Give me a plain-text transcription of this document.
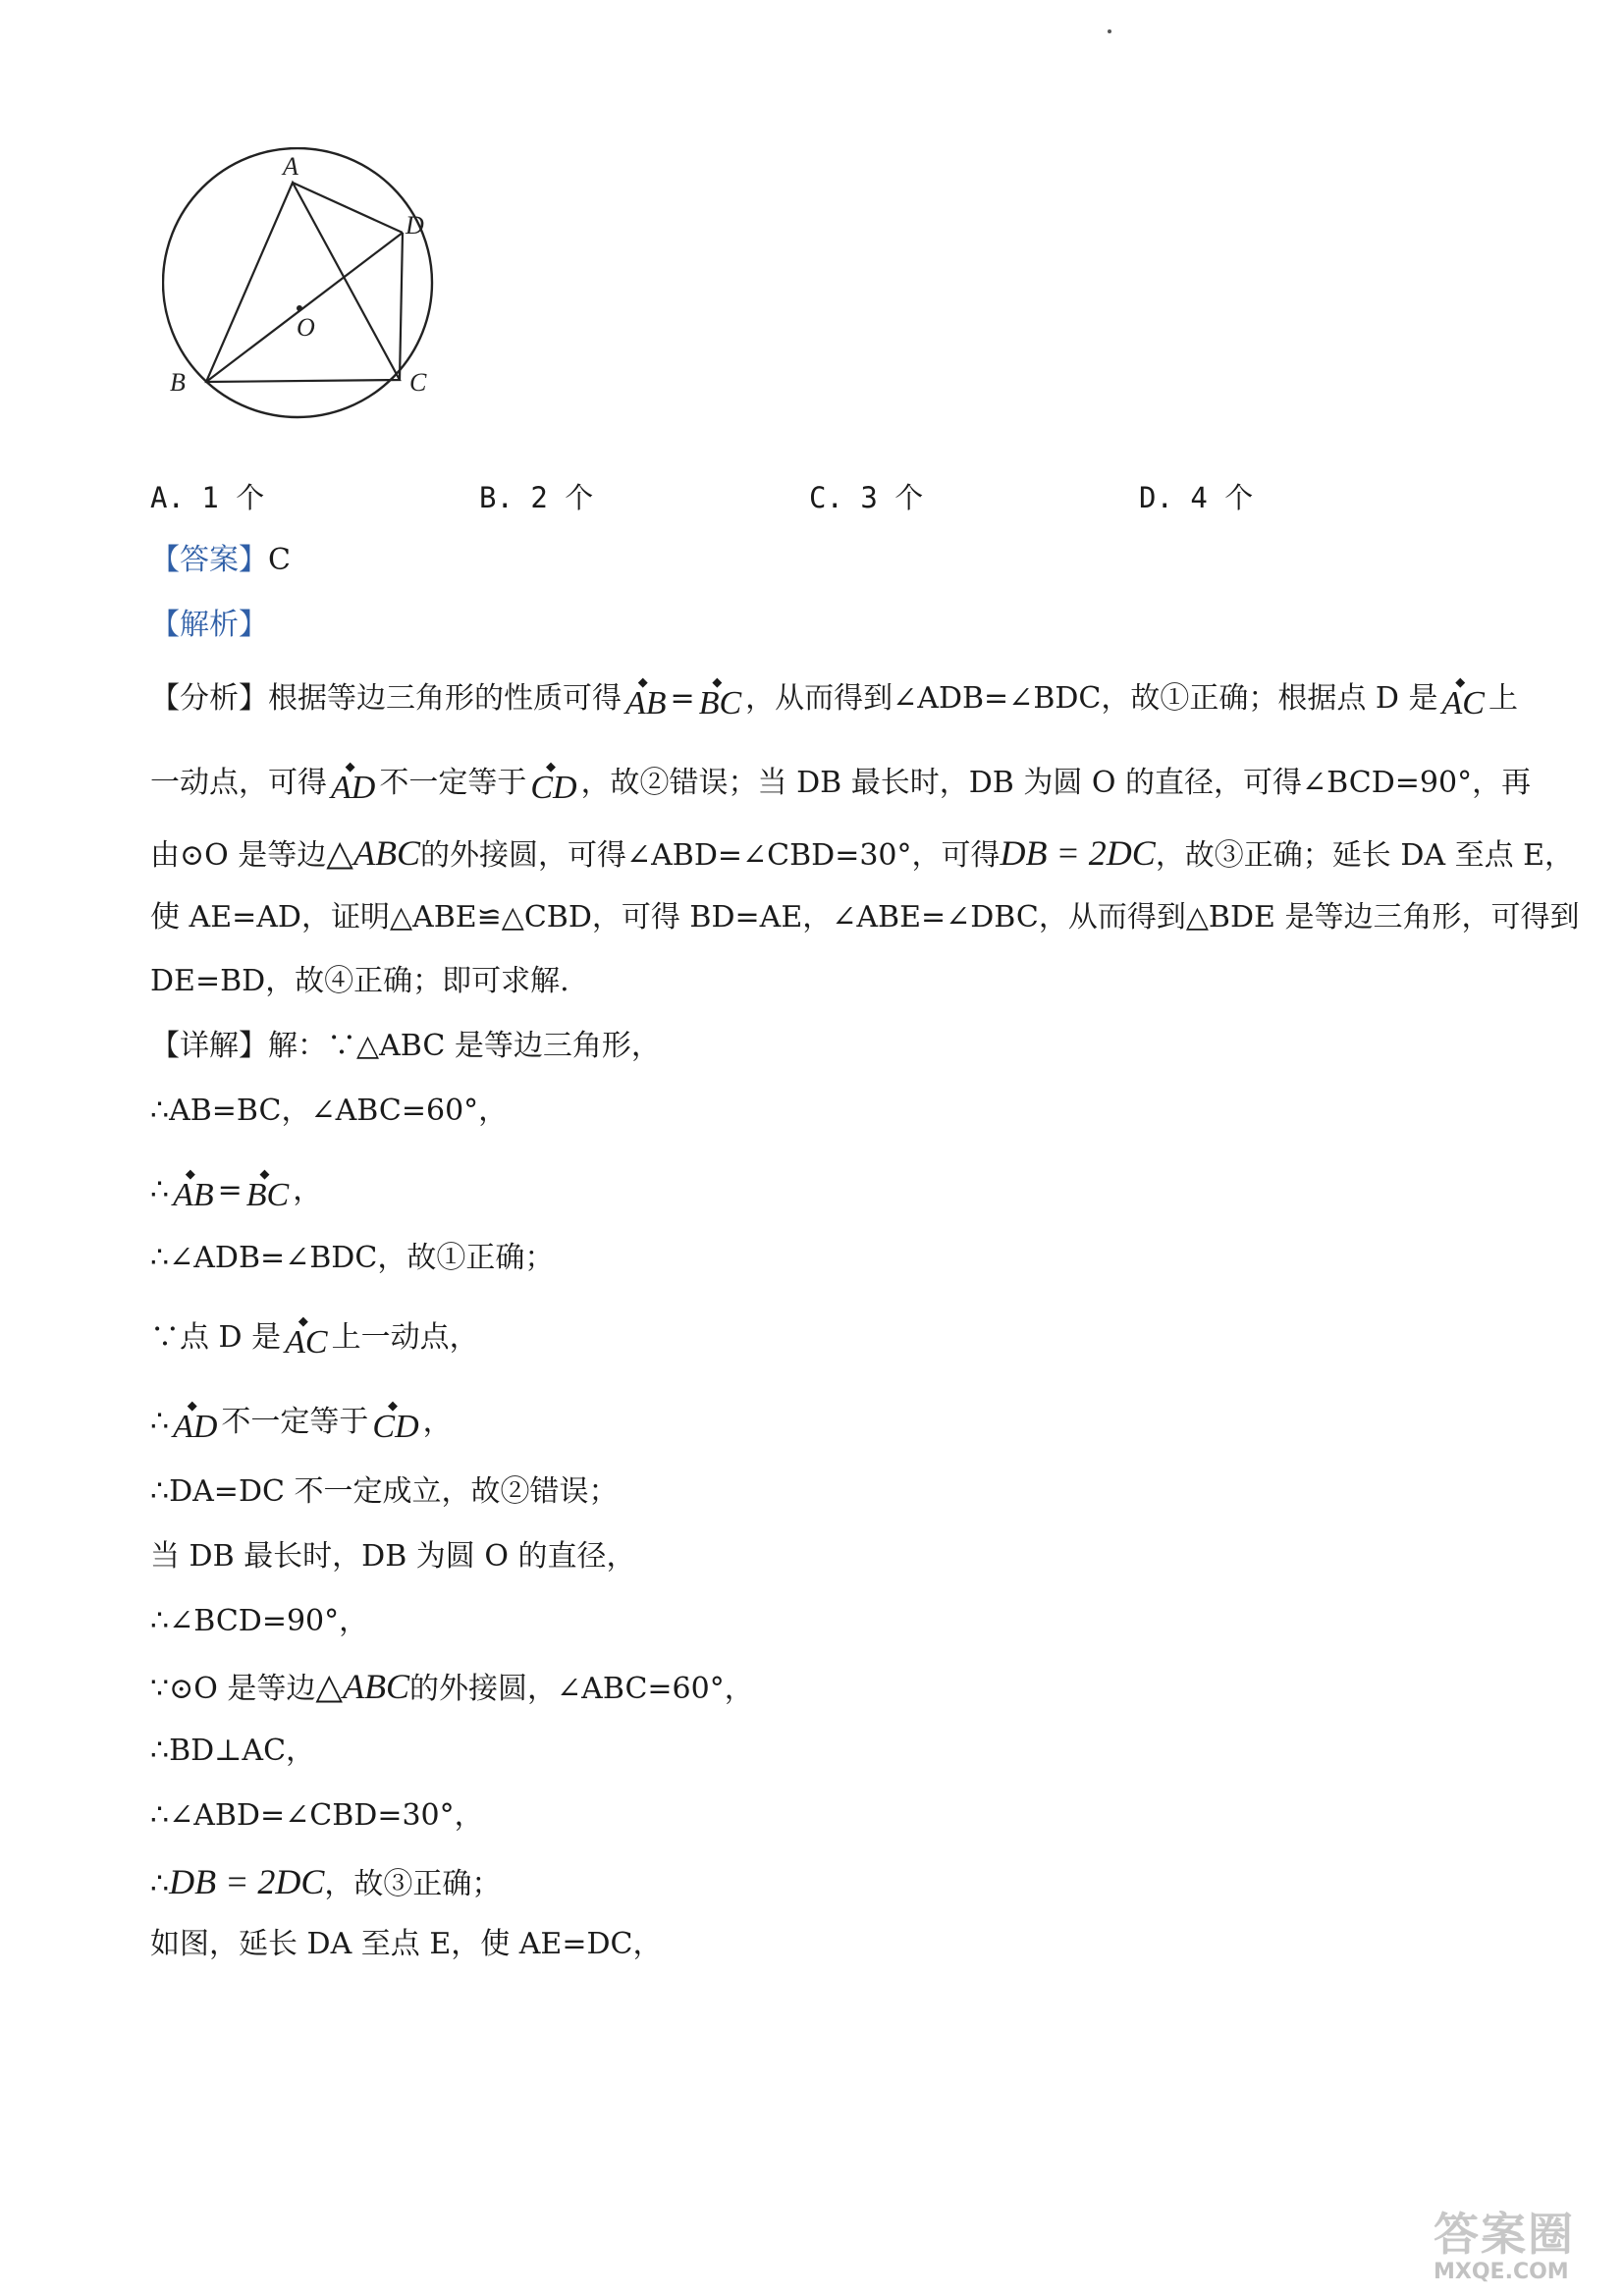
A
D
O
B	C
A. 1 个	B. 2 个	C. 3 个	D. 4 个
【答案】C
【解析】
【分析】根据等边三角形的性质可得 ◆ AB = ◆ BC ，从而得到∠ADB=∠BDC，故①正确；根据点 D 是 ◆ AC 上
一动点，可得 ◆ AD 不一定等于 ◆ CD ，故②错误；当 DB 最长时，DB 为圆 O 的直径，可得∠BCD=90°，再
由⊙O 是等边△ABC的外接圆，可得∠ABD=∠CBD=30°，可得DB = 2DC，故③正确；延长 DA 至点 E，
使 AE=AD，证明△ABE≌△CBD，可得 BD=AE，∠ABE=∠DBC，从而得到△BDE 是等边三角形，可得到
DE=BD，故④正确；即可求解.
【详解】解：∵△ABC 是等边三角形，
∴AB=BC，∠ABC=60°，
∴ ◆ AB = ◆ BC ，
∴∠ADB=∠BDC，故①正确；
∵点 D 是 ◆ AC 上一动点，
∴ ◆ AD 不一定等于 ◆ CD ，
∴DA=DC 不一定成立，故②错误；
当 DB 最长时，DB 为圆 O 的直径，
∴∠BCD=90°，
∵⊙O 是等边△ABC的外接圆，∠ABC=60°，
∴BD⊥AC，
∴∠ABD=∠CBD=30°，
∴DB = 2DC，故③正确；
如图，延长 DA 至点 E，使 AE=DC，
答案圈
MXQE.COM
